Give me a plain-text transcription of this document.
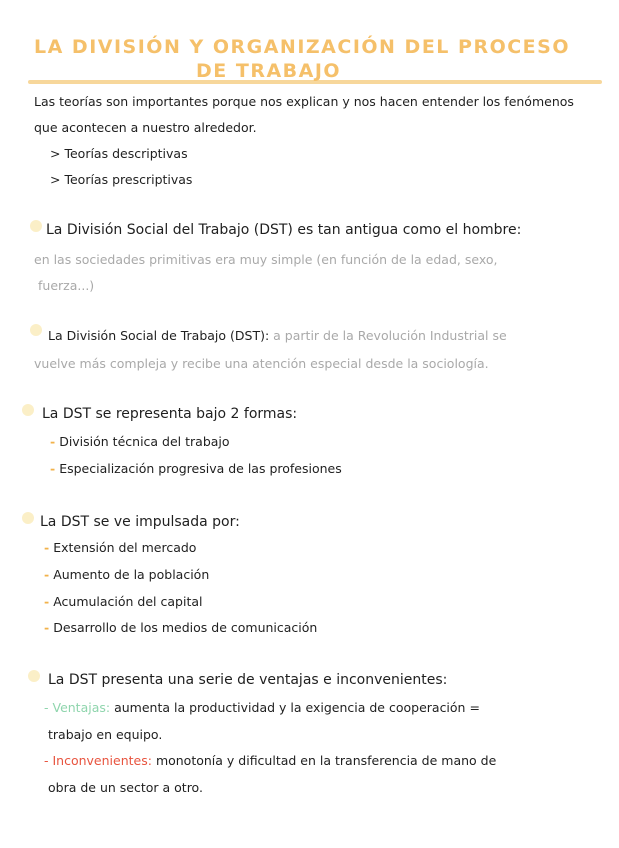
LA DIVISIÓN Y ORGANIZACIÓN DEL PROCESO
DE TRABAJO
Las teorías son importantes porque nos explican y nos hacen entender los fenómenos
que acontecen a nuestro alrededor.
> Teorías descriptivas
> Teorías prescriptivas
La División Social del Trabajo (DST) es tan antigua como el hombre:
en las sociedades primitivas era muy simple (en función de la edad, sexo,
fuerza...)
La División Social de Trabajo (DST): a partir de la Revolución Industrial se
vuelve más compleja y recibe una atención especial desde la sociología.
La DST se representa bajo 2 formas:
- División técnica del trabajo
- Especialización progresiva de las profesiones
La DST se ve impulsada por:
- Extensión del mercado
- Aumento de la población
- Acumulación del capital
- Desarrollo de los medios de comunicación
La DST presenta una serie de ventajas e inconvenientes:
- Ventajas: aumenta la productividad y la exigencia de cooperación =
trabajo en equipo.
- Inconvenientes: monotonía y dificultad en la transferencia de mano de
obra de un sector a otro.
